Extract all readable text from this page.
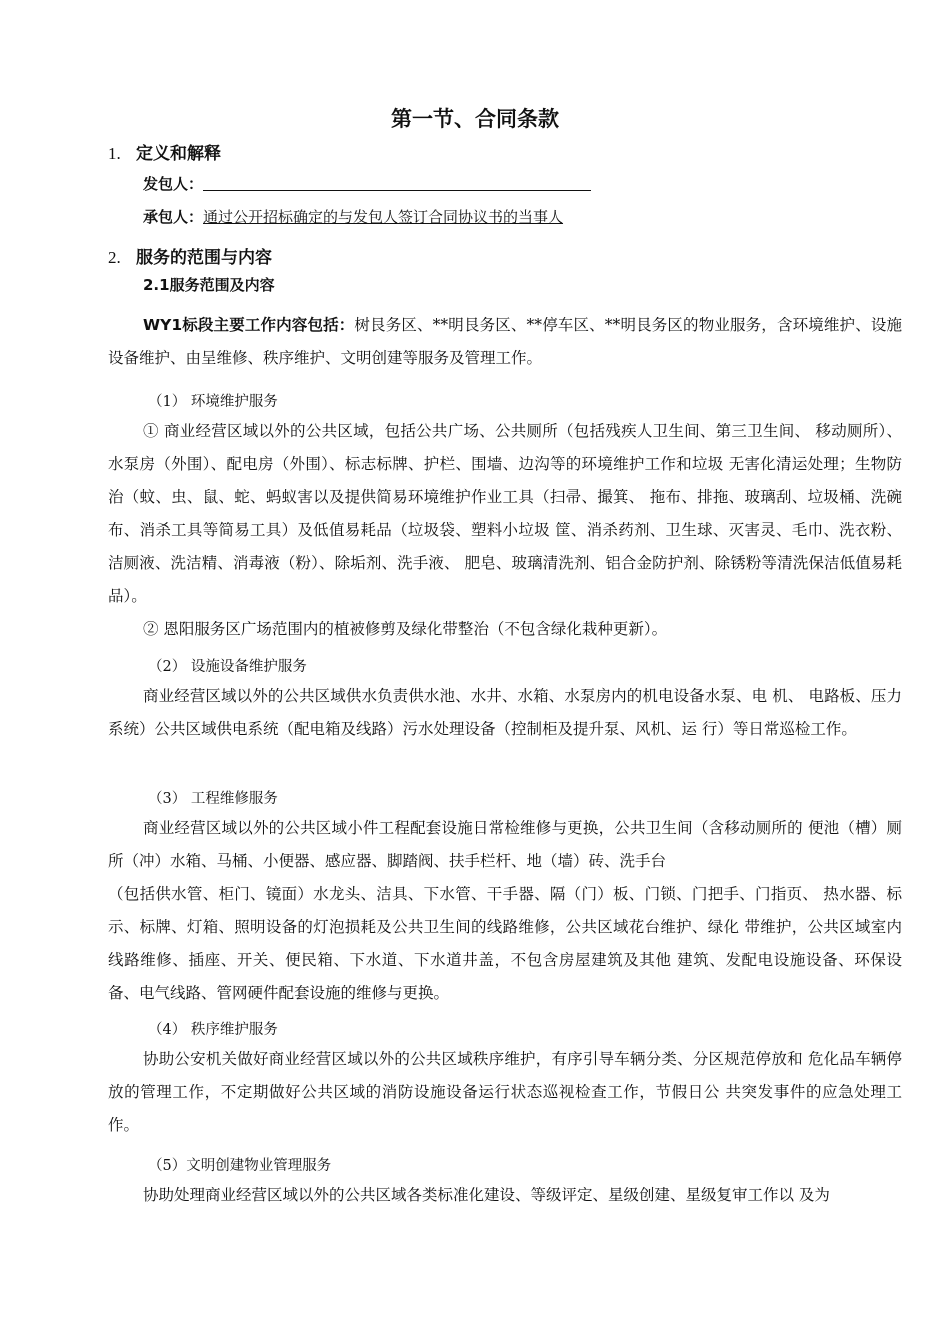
第一节、合同条款
1. 定义和解释
发包人：
承包人：通过公开招标确定的与发包人签订合同协议书的当事人
2. 服务的范围与内容
2.1服务范围及内容

WY1标段主要工作内容包括：树艮务区、**明艮务区、**停车区、**明艮务区的物业服务，含环境维护、设施 设备维护、由呈维修、秩序维护、文明创建等服务及管理工作。

（1） 环境维护服务

① 商业经营区域以外的公共区域，包括公共广场、公共厕所（包括残疾人卫生间、第三卫生间、 移动厕所）、水泵房（外围）、配电房（外围）、标志标牌、护栏、围墙、边沟等的环境维护工作和垃圾 无害化清运处理；生物防治（蚊、虫、鼠、蛇、蚂蚁害以及提供简易环境维护作业工具（扫帚、撮箕、 拖布、排拖、玻璃刮、垃圾桶、洗碗布、消杀工具等简易工具）及低值易耗品（垃圾袋、塑料小垃圾 筐、消杀药剂、卫生球、灭害灵、毛巾、洗衣粉、洁厕液、洗洁精、消毒液（粉）、除垢剂、洗手液、 肥皂、玻璃清洗剂、铝合金防护剂、除锈粉等清洗保洁低值易耗品）。

② 恩阳服务区广场范围内的植被修剪及绿化带整治（不包含绿化栽种更新）。

（2） 设施设备维护服务

商业经营区域以外的公共区域供水负责供水池、水井、水箱、水泵房内的机电设备水泵、电 机、 电路板、压力系统）公共区域供电系统（配电箱及线路）污水处理设备（控制柜及提升泵、风机、运 行）等日常巡检工作。

（3） 工程维修服务

商业经营区域以外的公共区域小件工程配套设施日常检维修与更换，公共卫生间（含移动厕所的 便池（槽）厕所（冲）水箱、马桶、小便器、感应器、脚踏阀、扶手栏杆、地（墙）砖、洗手台

（包括供水管、柜门、镜面）水龙头、洁具、下水管、干手器、隔（门）板、门锁、门把手、门指页、 热水器、标示、标牌、灯箱、照明设备的灯泡损耗及公共卫生间的线路维修，公共区域花台维护、绿化 带维护，公共区域室内线路维修、插座、开关、便民箱、下水道、下水道井盖，不包含房屋建筑及其他 建筑、发配电设施设备、环保设备、电气线路、管网硬件配套设施的维修与更换。

（4） 秩序维护服务

协助公安机关做好商业经营区域以外的公共区域秩序维护，有序引导车辆分类、分区规范停放和 危化品车辆停放的管理工作，不定期做好公共区域的消防设施设备运行状态巡视检查工作，节假日公 共突发事件的应急处理工作。

（5）文明创建物业管理服务

协助处理商业经营区域以外的公共区域各类标准化建设、等级评定、星级创建、星级复审工作以 及为
